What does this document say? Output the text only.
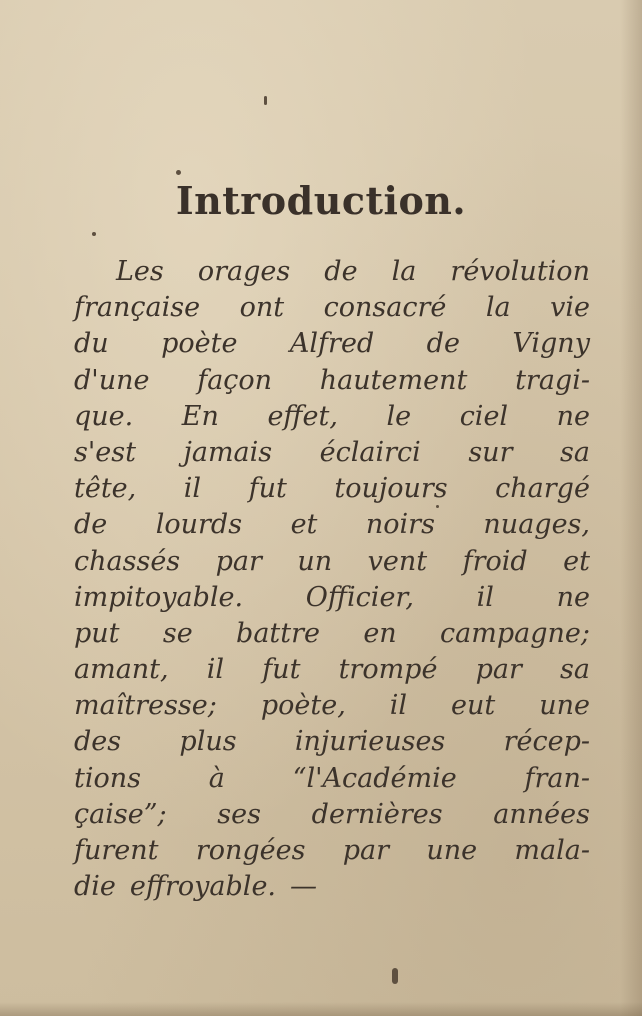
Introduction.
Les orages de la révolution
française ont consacré la vie
du poète Alfred de Vigny
d'une façon hautement tragi-
que. En effet, le ciel ne
s'est jamais éclairci sur sa
tête, il fut toujours chargé
de lourds et noirs nuages,
chassés par un vent froid et
impitoyable. Officier, il ne
put se battre en campagne;
amant, il fut trompé par sa
maîtresse; poète, il eut une
des plus injurieuses récep-
tions	à	“l'Académie	fran-
çaise”; ses dernières années
furent rongées par une mala-
die effroyable. —
